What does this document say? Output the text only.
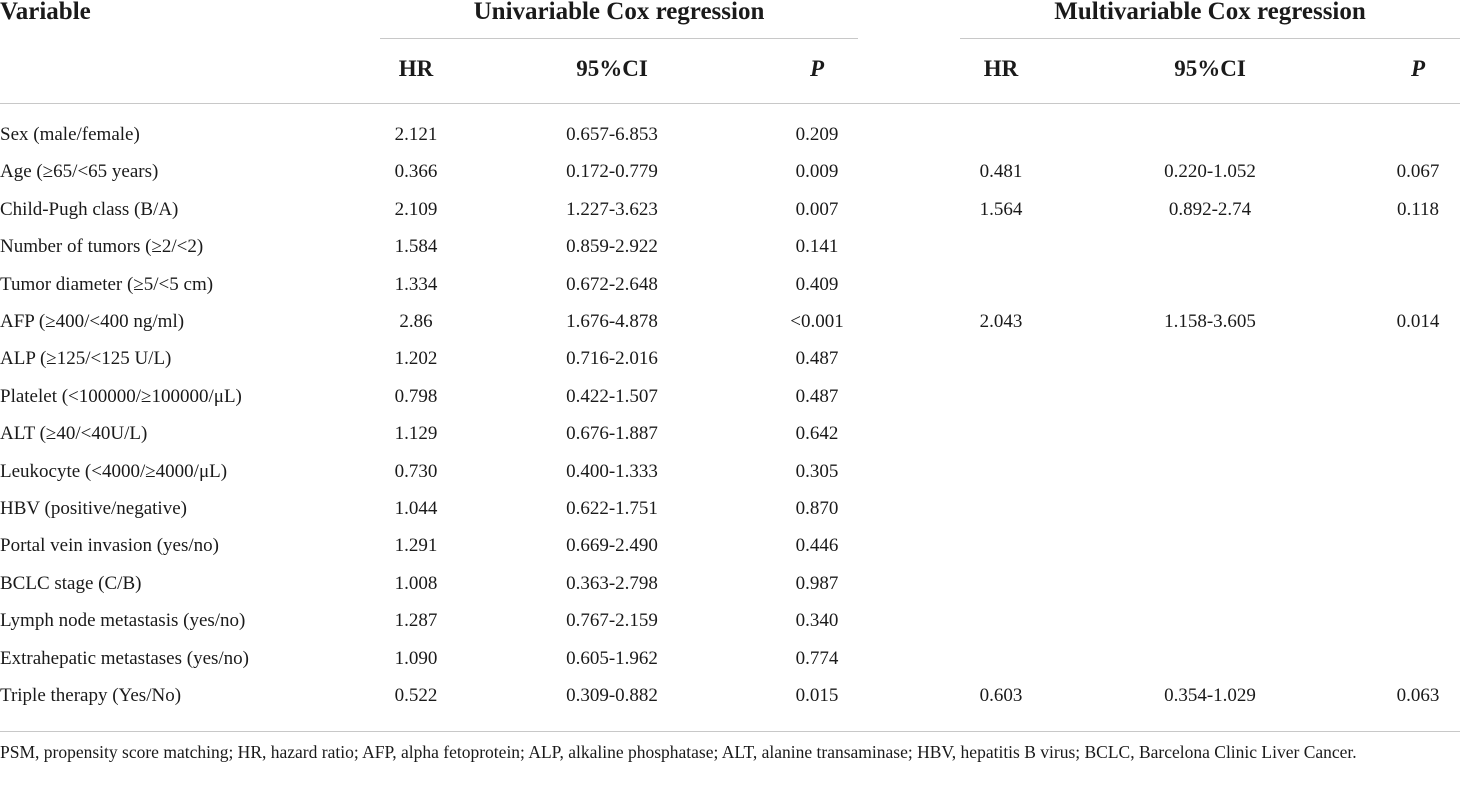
Variable	Univariable Cox regression	Multivariable Cox regression
HR	95%CI	P	HR	95%CI	P
Sex (male/female)	2.121	0.657-6.853	0.209
Age (≥65/<65 years)	0.366	0.172-0.779	0.009	0.481	0.220-1.052	0.067
Child-Pugh class (B/A)	2.109	1.227-3.623	0.007	1.564	0.892-2.74	0.118
Number of tumors (≥2/<2)	1.584	0.859-2.922	0.141
Tumor diameter (≥5/<5 cm)	1.334	0.672-2.648	0.409
AFP (≥400/<400 ng/ml)	2.86	1.676-4.878	<0.001	2.043	1.158-3.605	0.014
ALP (≥125/<125 U/L)	1.202	0.716-2.016	0.487
Platelet (<100000/≥100000/μL)	0.798	0.422-1.507	0.487
ALT (≥40/<40U/L)	1.129	0.676-1.887	0.642
Leukocyte (<4000/≥4000/μL)	0.730	0.400-1.333	0.305
HBV (positive/negative)	1.044	0.622-1.751	0.870
Portal vein invasion (yes/no)	1.291	0.669-2.490	0.446
BCLC stage (C/B)	1.008	0.363-2.798	0.987
Lymph node metastasis (yes/no)	1.287	0.767-2.159	0.340
Extrahepatic metastases (yes/no)	1.090	0.605-1.962	0.774
Triple therapy (Yes/No)	0.522	0.309-0.882	0.015	0.603	0.354-1.029	0.063
PSM, propensity score matching; HR, hazard ratio; AFP, alpha fetoprotein; ALP, alkaline phosphatase; ALT, alanine transaminase; HBV, hepatitis B virus; BCLC, Barcelona Clinic Liver Cancer.
